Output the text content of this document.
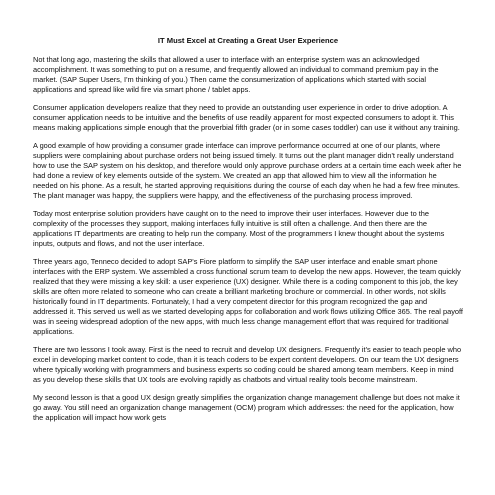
IT Must Excel at Creating a Great User Experience

Not that long ago, mastering the skills that allowed a user to interface with an enterprise system was an acknowledged accomplishment. It was something to put on a resume, and frequently allowed an individual to command premium pay in the market. (SAP Super Users, I'm thinking of you.) Then came the consumerization of applications which started with social applications and spread like wild fire via smart phone / tablet apps.

Consumer application developers realize that they need to provide an outstanding user experience in order to drive adoption. A consumer application needs to be intuitive and the benefits of use readily apparent for most expected consumers to adopt it. This means making applications simple enough that the proverbial fifth grader (or in some cases toddler) can use it without any training.

A good example of how providing a consumer grade interface can improve performance occurred at one of our plants, where suppliers were complaining about purchase orders not being issued timely. It turns out the plant manager didn't really understand how to use the SAP system on his desktop, and therefore would only approve purchase orders at a certain time each week after he had done a review of key elements outside of the system. We created an app that allowed him to view all the information he needed on his phone. As a result, he started approving requisitions during the course of each day when he had a few free minutes. The plant manager was happy, the suppliers were happy, and the effectiveness of the purchasing process improved.

Today most enterprise solution providers have caught on to the need to improve their user interfaces. However due to the complexity of the processes they support, making interfaces fully intuitive is still often a challenge. And then there are the applications IT departments are creating to help run the company. Most of the programmers I knew thought about the systems inputs, outputs and flows, and not the user interface.

Three years ago, Tenneco decided to adopt SAP's Fiore platform to simplify the SAP user interface and enable smart phone interfaces with the ERP system. We assembled a cross functional scrum team to develop the new apps. However, the team quickly realized that they were missing a key skill: a user experience (UX) designer. While there is a coding component to this job, the key skills are often more related to someone who can create a brilliant marketing brochure or commercial. In other words, not skills historically found in IT departments. Fortunately, I had a very competent director for this program recognized the gap and addressed it. This served us well as we started developing apps for collaboration and work flows utilizing Office 365. The real payoff was in seeing widespread adoption of the new apps, with much less change management effort that was required for traditional applications.

There are two lessons I took away. First is the need to recruit and develop UX designers. Frequently it's easier to teach people who excel in developing market content to code, than it is teach coders to be expert content developers. On our team the UX designers where typically working with programmers and business experts so coding could be shared among team members. Keep in mind as you develop these skills that UX tools are evolving rapidly as chatbots and virtual reality tools become mainstream.

My second lesson is that a good UX design greatly simplifies the organization change management challenge but does not make it go away. You still need an organization change management (OCM) program which addresses: the need for the application, how the application will impact how work gets
